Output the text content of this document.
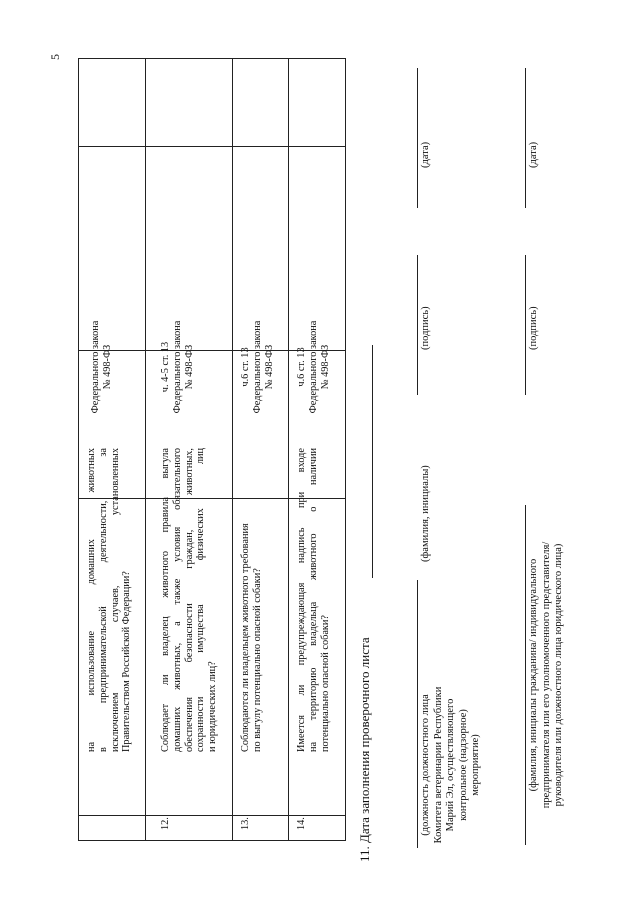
5
на использование домашних животных в предпринимательской деятельности, за исключением случаев, установленных Правительством Российской Федерации?
Федерального закона № 498-ФЗ
12.
Соблюдает ли владелец животного правила выгула домашних животных, а также условия обязательного обеспечения безопасности граждан, животных, сохранности имущества физических лиц и юридических лиц?
ч. 4-5 ст. 13 Федерального закона № 498-ФЗ
13.
Соблюдаются ли владельцем животного требования по выгулу потенциально опасной собаки?
ч.6 ст. 13 Федерального закона № 498-ФЗ
14.
Имеется ли предупреждающая надпись при входе на территорию владельца животного о наличии потенциально опасной собаки?
ч.6 ст. 13 Федерального закона № 498-ФЗ
11. Дата заполнения проверочного листа	(должность должностного лица Комитета ветеринарии Республики Марий Эл, осуществляющего контрольное (надзорное) мероприятие)
(фамилия, инициалы)
(подпись)
(дата)
(фамилия, инициалы гражданина/ индивидуального предпринимателя или его уполномоченного представителя/ руководителя или должностного лица юридического лица)
(подпись)
(дата)
